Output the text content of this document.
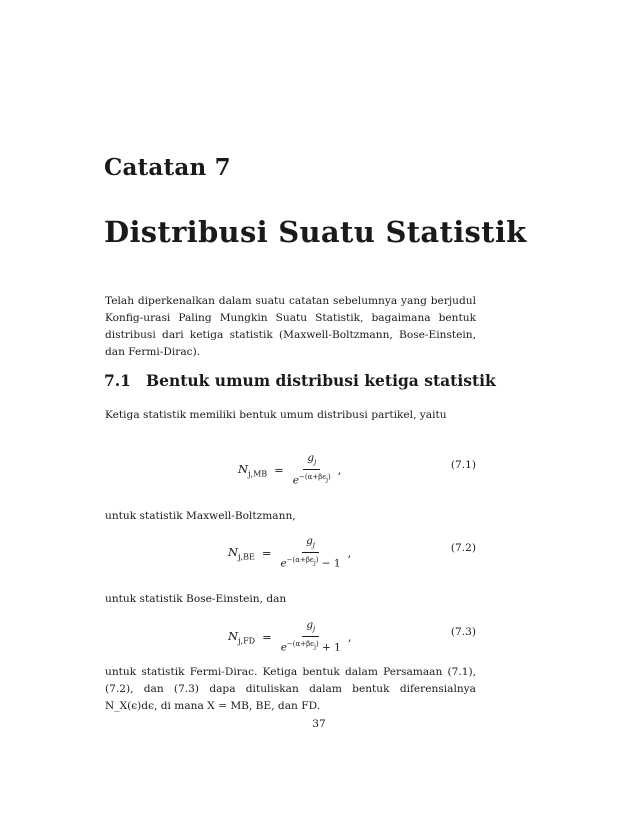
Catatan 7
Distribusi Suatu Statistik
Telah diperkenalkan dalam suatu catatan sebelumnya yang berjudul Konfig-urasi Paling Mungkin Suatu Statistik, bagaimana bentuk distribusi dari ketiga statistik (Maxwell-Boltzmann, Bose-Einstein, dan Fermi-Dirac).
7.1 Bentuk umum distribusi ketiga statistik
Ketiga statistik memiliki bentuk umum distribusi partikel, yaitu
$N_{j,MB} = \frac{g_j}{e^{-(\alpha+\beta\epsilon_j)}}$ ,	(7.1)
untuk statistik Maxwell-Boltzmann,
$N_{j,BE} = \frac{g_j}{e^{-(\alpha+\beta\epsilon_j)} - 1}$ ,	(7.2)
untuk statistik Bose-Einstein, dan
$N_{j,FD} = \frac{g_j}{e^{-(\alpha+\beta\epsilon_j)} + 1}$ ,	(7.3)
untuk statistik Fermi-Dirac. Ketiga bentuk dalam Persamaan (7.1), (7.2), dan (7.3) dapa dituliskan dalam bentuk diferensialnya N_X(ϵ)dϵ, di mana X = MB, BE, dan FD.
37
